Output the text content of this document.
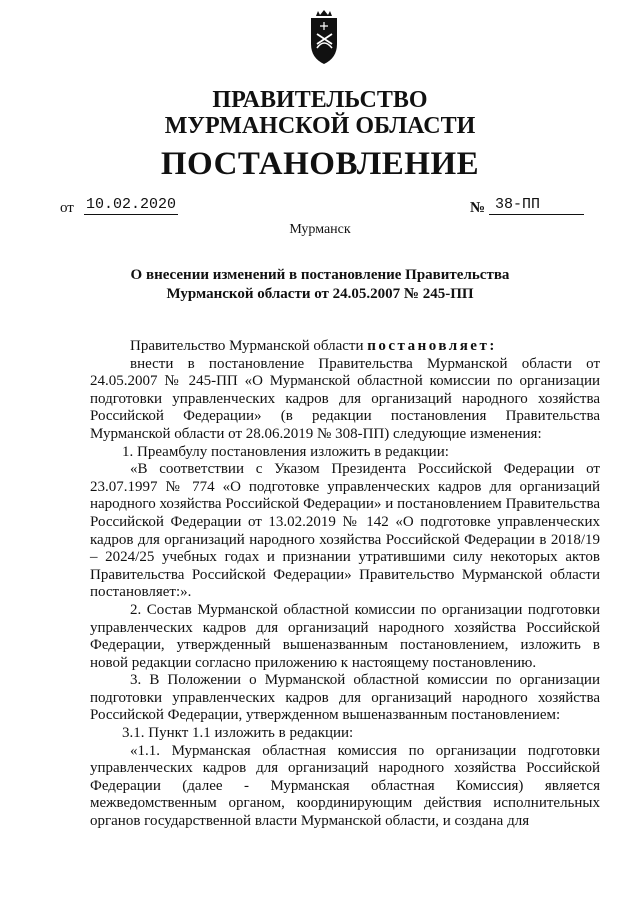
ПРАВИТЕЛЬСТВО
МУРМАНСКОЙ ОБЛАСТИ
ПОСТАНОВЛЕНИЕ
от 10.02.2020	№ 38-ПП
Мурманск
О внесении изменений в постановление Правительства
Мурманской области от 24.05.2007 № 245-ПП

Правительство Мурманской области постановляет:

внести в постановление Правительства Мурманской области от 24.05.2007 № 245-ПП «О Мурманской областной комиссии по организации подготовки управленческих кадров для организаций народного хозяйства Российской Федерации» (в редакции постановления Правительства Мурманской области от 28.06.2019 № 308-ПП) следующие изменения:

1. Преамбулу постановления изложить в редакции:

«В соответствии с Указом Президента Российской Федерации от 23.07.1997 № 774 «О подготовке управленческих кадров для организаций народного хозяйства Российской Федерации» и постановлением Правительства Российской Федерации от 13.02.2019 № 142 «О подготовке управленческих кадров для организаций народного хозяйства Российской Федерации в 2018/19 – 2024/25 учебных годах и признании утратившими силу некоторых актов Правительства Российской Федерации» Правительство Мурманской области постановляет:».

2. Состав Мурманской областной комиссии по организации подготовки управленческих кадров для организаций народного хозяйства Российской Федерации, утвержденный вышеназванным постановлением, изложить в новой редакции согласно приложению к настоящему постановлению.

3. В Положении о Мурманской областной комиссии по организации подготовки управленческих кадров для организаций народного хозяйства Российской Федерации, утвержденном вышеназванным постановлением:

3.1. Пункт 1.1 изложить в редакции:

«1.1. Мурманская областная комиссия по организации подготовки управленческих кадров для организаций народного хозяйства Российской Федерации (далее - Мурманская областная Комиссия) является межведомственным органом, координирующим действия исполнительных органов государственной власти Мурманской области, и создана для
